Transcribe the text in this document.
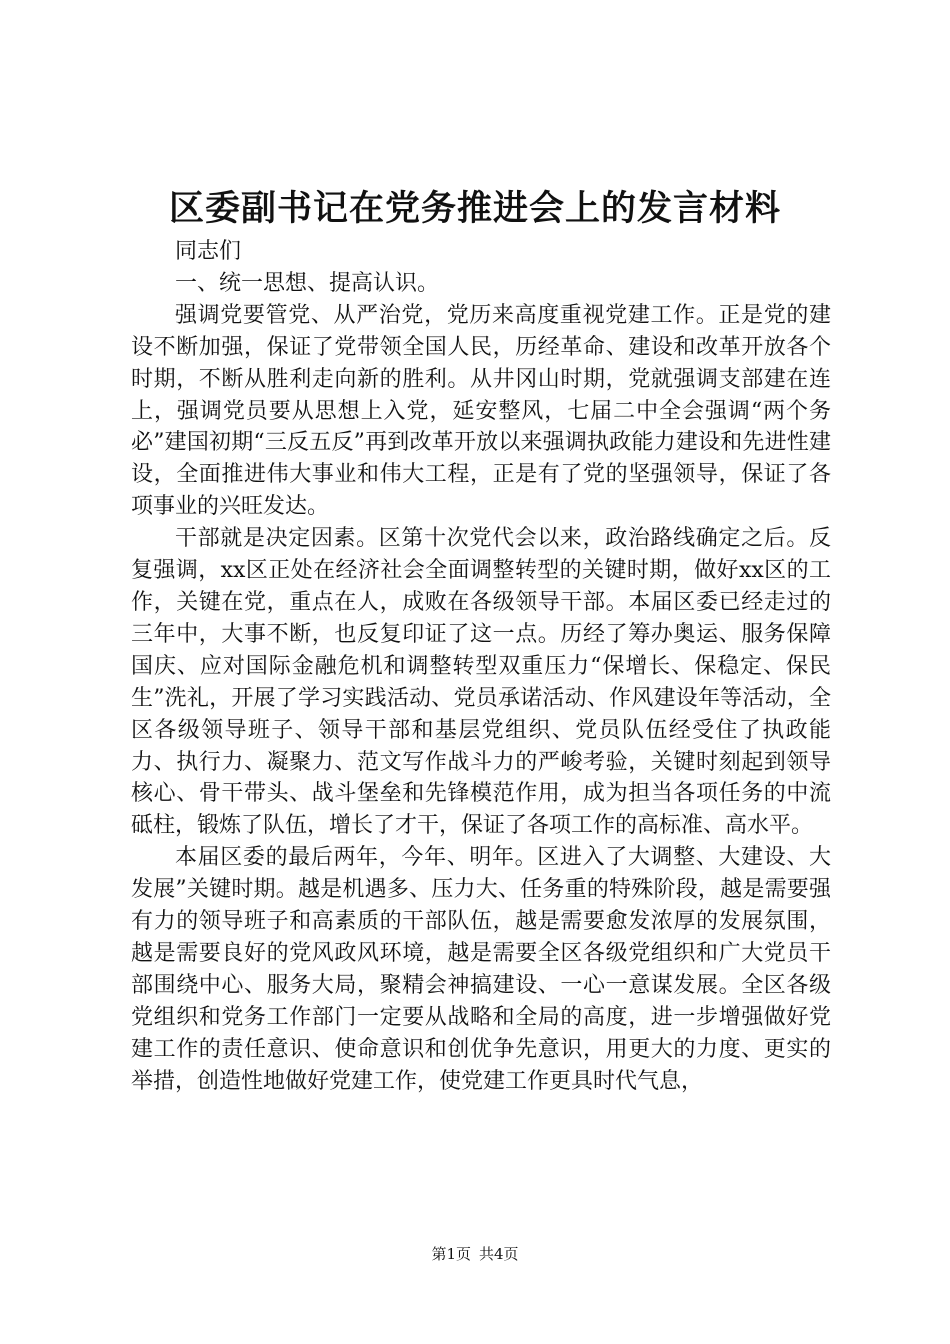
区委副书记在党务推进会上的发言材料

同志们

一、统一思想、提高认识。

强调党要管党、从严治党，党历来高度重视党建工作。正是党的建设不断加强，保证了党带领全国人民，历经革命、建设和改革开放各个时期，不断从胜利走向新的胜利。从井冈山时期，党就强调支部建在连上，强调党员要从思想上入党，延安整风，七届二中全会强调“两个务必”建国初期“三反五反”再到改革开放以来强调执政能力建设和先进性建设，全面推进伟大事业和伟大工程，正是有了党的坚强领导，保证了各项事业的兴旺发达。

干部就是决定因素。区第十次党代会以来，政治路线确定之后。反复强调，xx区正处在经济社会全面调整转型的关键时期，做好xx区的工作，关键在党，重点在人，成败在各级领导干部。本届区委已经走过的三年中，大事不断，也反复印证了这一点。历经了筹办奥运、服务保障国庆、应对国际金融危机和调整转型双重压力“保增长、保稳定、保民生”洗礼，开展了学习实践活动、党员承诺活动、作风建设年等活动，全区各级领导班子、领导干部和基层党组织、党员队伍经受住了执政能力、执行力、凝聚力、范文写作战斗力的严峻考验，关键时刻起到领导核心、骨干带头、战斗堡垒和先锋模范作用，成为担当各项任务的中流砥柱，锻炼了队伍，增长了才干，保证了各项工作的高标准、高水平。

本届区委的最后两年，今年、明年。区进入了大调整、大建设、大发展”关键时期。越是机遇多、压力大、任务重的特殊阶段，越是需要强有力的领导班子和高素质的干部队伍，越是需要愈发浓厚的发展氛围，越是需要良好的党风政风环境，越是需要全区各级党组织和广大党员干部围绕中心、服务大局，聚精会神搞建设、一心一意谋发展。全区各级党组织和党务工作部门一定要从战略和全局的高度，进一步增强做好党建工作的责任意识、使命意识和创优争先意识，用更大的力度、更实的举措，创造性地做好党建工作，使党建工作更具时代气息，

第1页 共4页
